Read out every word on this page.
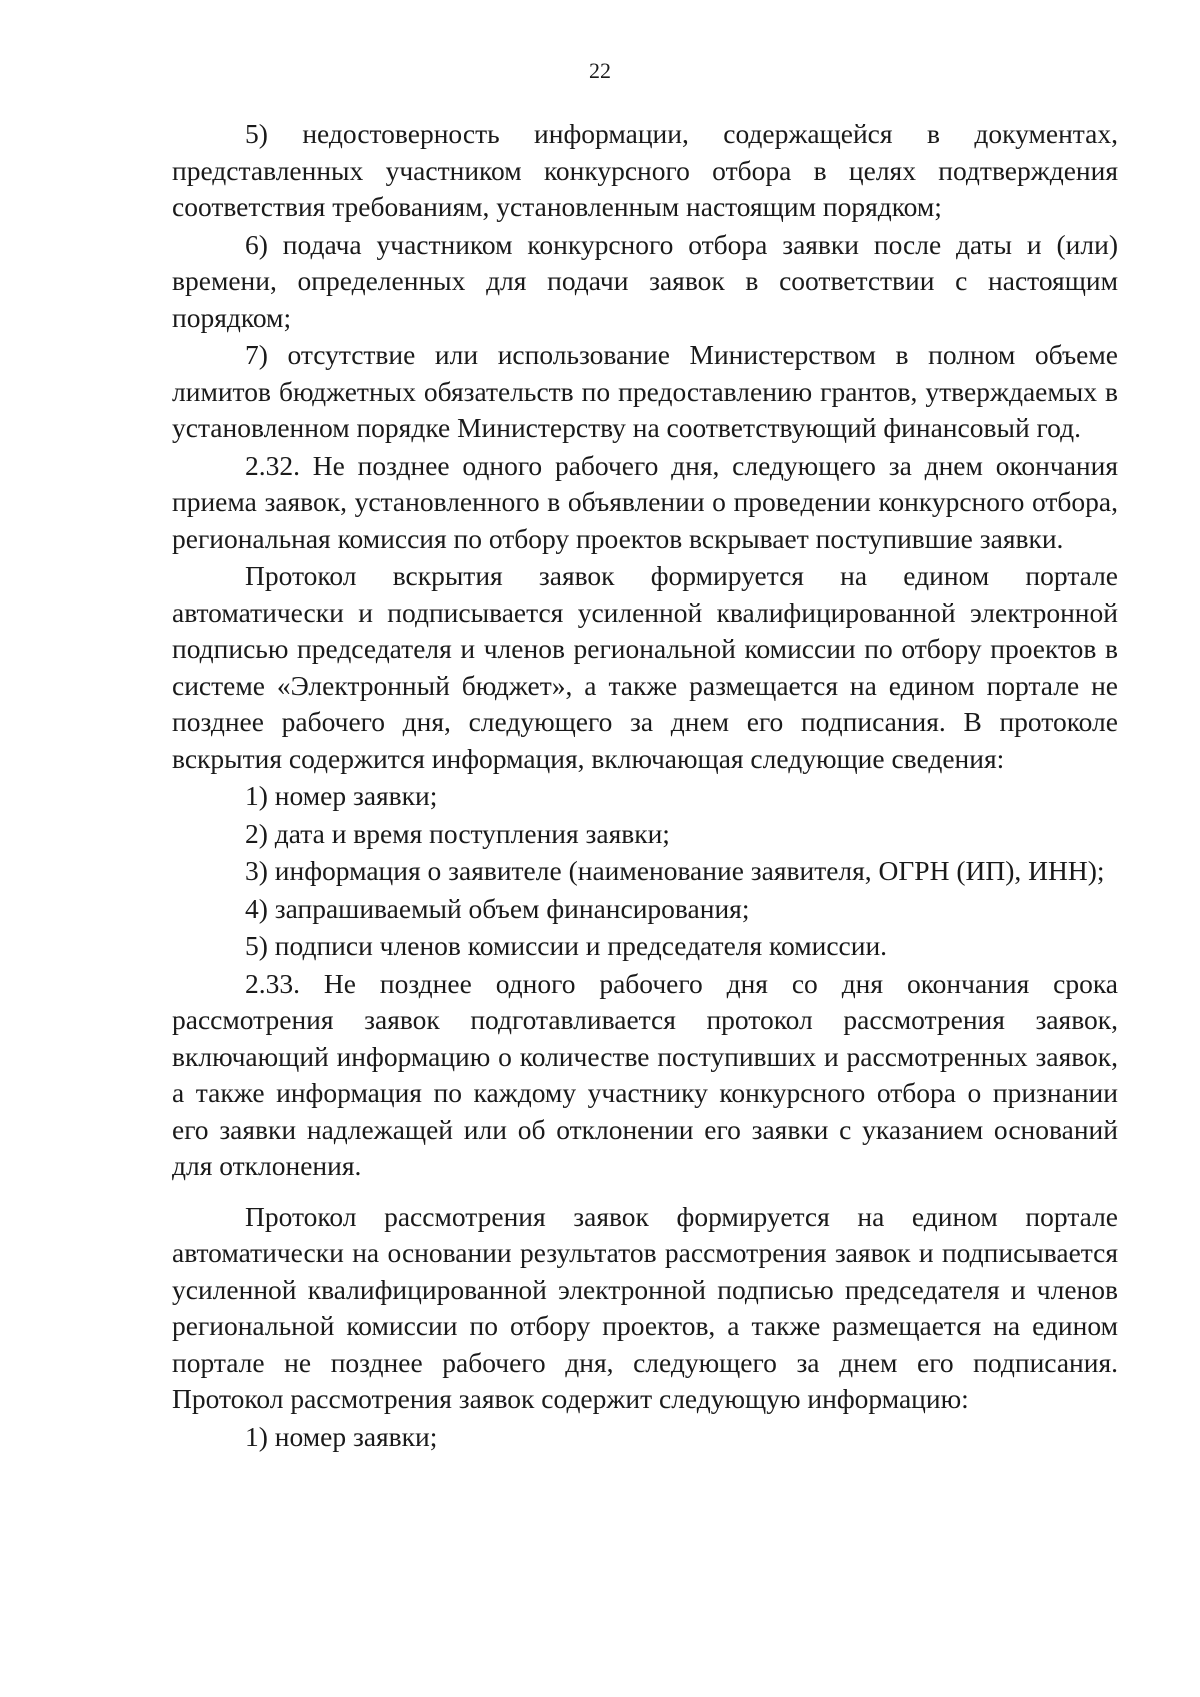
22

5) недостоверность информации, содержащейся в документах, представленных участником конкурсного отбора в целях подтверждения соответствия требованиям, установленным настоящим порядком;

6) подача участником конкурсного отбора заявки после даты и (или) времени, определенных для подачи заявок в соответствии с настоящим порядком;

7) отсутствие или использование Министерством в полном объеме лимитов бюджетных обязательств по предоставлению грантов, утверждаемых в установленном порядке Министерству на соответствующий финансовый год.

2.32. Не позднее одного рабочего дня, следующего за днем окончания приема заявок, установленного в объявлении о проведении конкурсного отбора, региональная комиссия по отбору проектов вскрывает поступившие заявки.

Протокол вскрытия заявок формируется на едином портале автоматически и подписывается усиленной квалифицированной электронной подписью председателя и членов региональной комиссии по отбору проектов в системе «Электронный бюджет», а также размещается на едином портале не позднее рабочего дня, следующего за днем его подписания. В протоколе вскрытия содержится информация, включающая следующие сведения:

1) номер заявки;

2) дата и время поступления заявки;

3) информация о заявителе (наименование заявителя, ОГРН (ИП), ИНН);

4) запрашиваемый объем финансирования;

5) подписи членов комиссии и председателя комиссии.

2.33. Не позднее одного рабочего дня со дня окончания срока рассмотрения заявок подготавливается протокол рассмотрения заявок, включающий информацию о количестве поступивших и рассмотренных заявок, а также информация по каждому участнику конкурсного отбора о признании его заявки надлежащей или об отклонении его заявки с указанием оснований для отклонения.

Протокол рассмотрения заявок формируется на едином портале автоматически на основании результатов рассмотрения заявок и подписывается усиленной квалифицированной электронной подписью председателя и членов региональной комиссии по отбору проектов, а также размещается на едином портале не позднее рабочего дня, следующего за днем его подписания. Протокол рассмотрения заявок содержит следующую информацию:

1) номер заявки;
